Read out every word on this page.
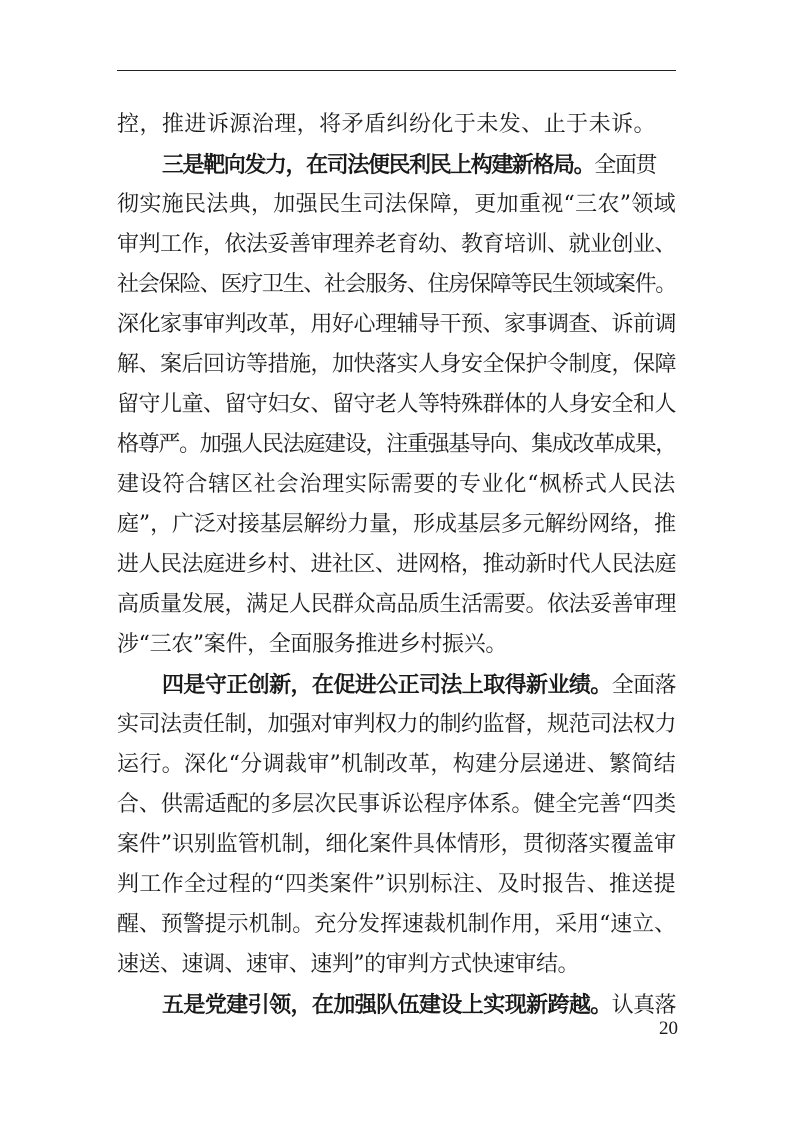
控，推进诉源治理，将矛盾纠纷化于未发、止于未诉。
三是靶向发力，在司法便民利民上构建新格局。全面贯
彻实施民法典，加强民生司法保障，更加重视“三农”领域
审判工作，依法妥善审理养老育幼、教育培训、就业创业、
社会保险、医疗卫生、社会服务、住房保障等民生领域案件。
深化家事审判改革，用好心理辅导干预、家事调查、诉前调
解、案后回访等措施，加快落实人身安全保护令制度，保障
留守儿童、留守妇女、留守老人等特殊群体的人身安全和人
格尊严。加强人民法庭建设，注重强基导向、集成改革成果，
建设符合辖区社会治理实际需要的专业化“枫桥式人民法
庭”，广泛对接基层解纷力量，形成基层多元解纷网络，推
进人民法庭进乡村、进社区、进网格，推动新时代人民法庭
高质量发展，满足人民群众高品质生活需要。依法妥善审理
涉“三农”案件，全面服务推进乡村振兴。
四是守正创新，在促进公正司法上取得新业绩。全面落
实司法责任制，加强对审判权力的制约监督，规范司法权力
运行。深化“分调裁审”机制改革，构建分层递进、繁简结
合、供需适配的多层次民事诉讼程序体系。健全完善“四类
案件”识别监管机制，细化案件具体情形，贯彻落实覆盖审
判工作全过程的“四类案件”识别标注、及时报告、推送提
醒、预警提示机制。充分发挥速裁机制作用，采用“速立、
速送、速调、速审、速判”的审判方式快速审结。
五是党建引领，在加强队伍建设上实现新跨越。认真落
20
